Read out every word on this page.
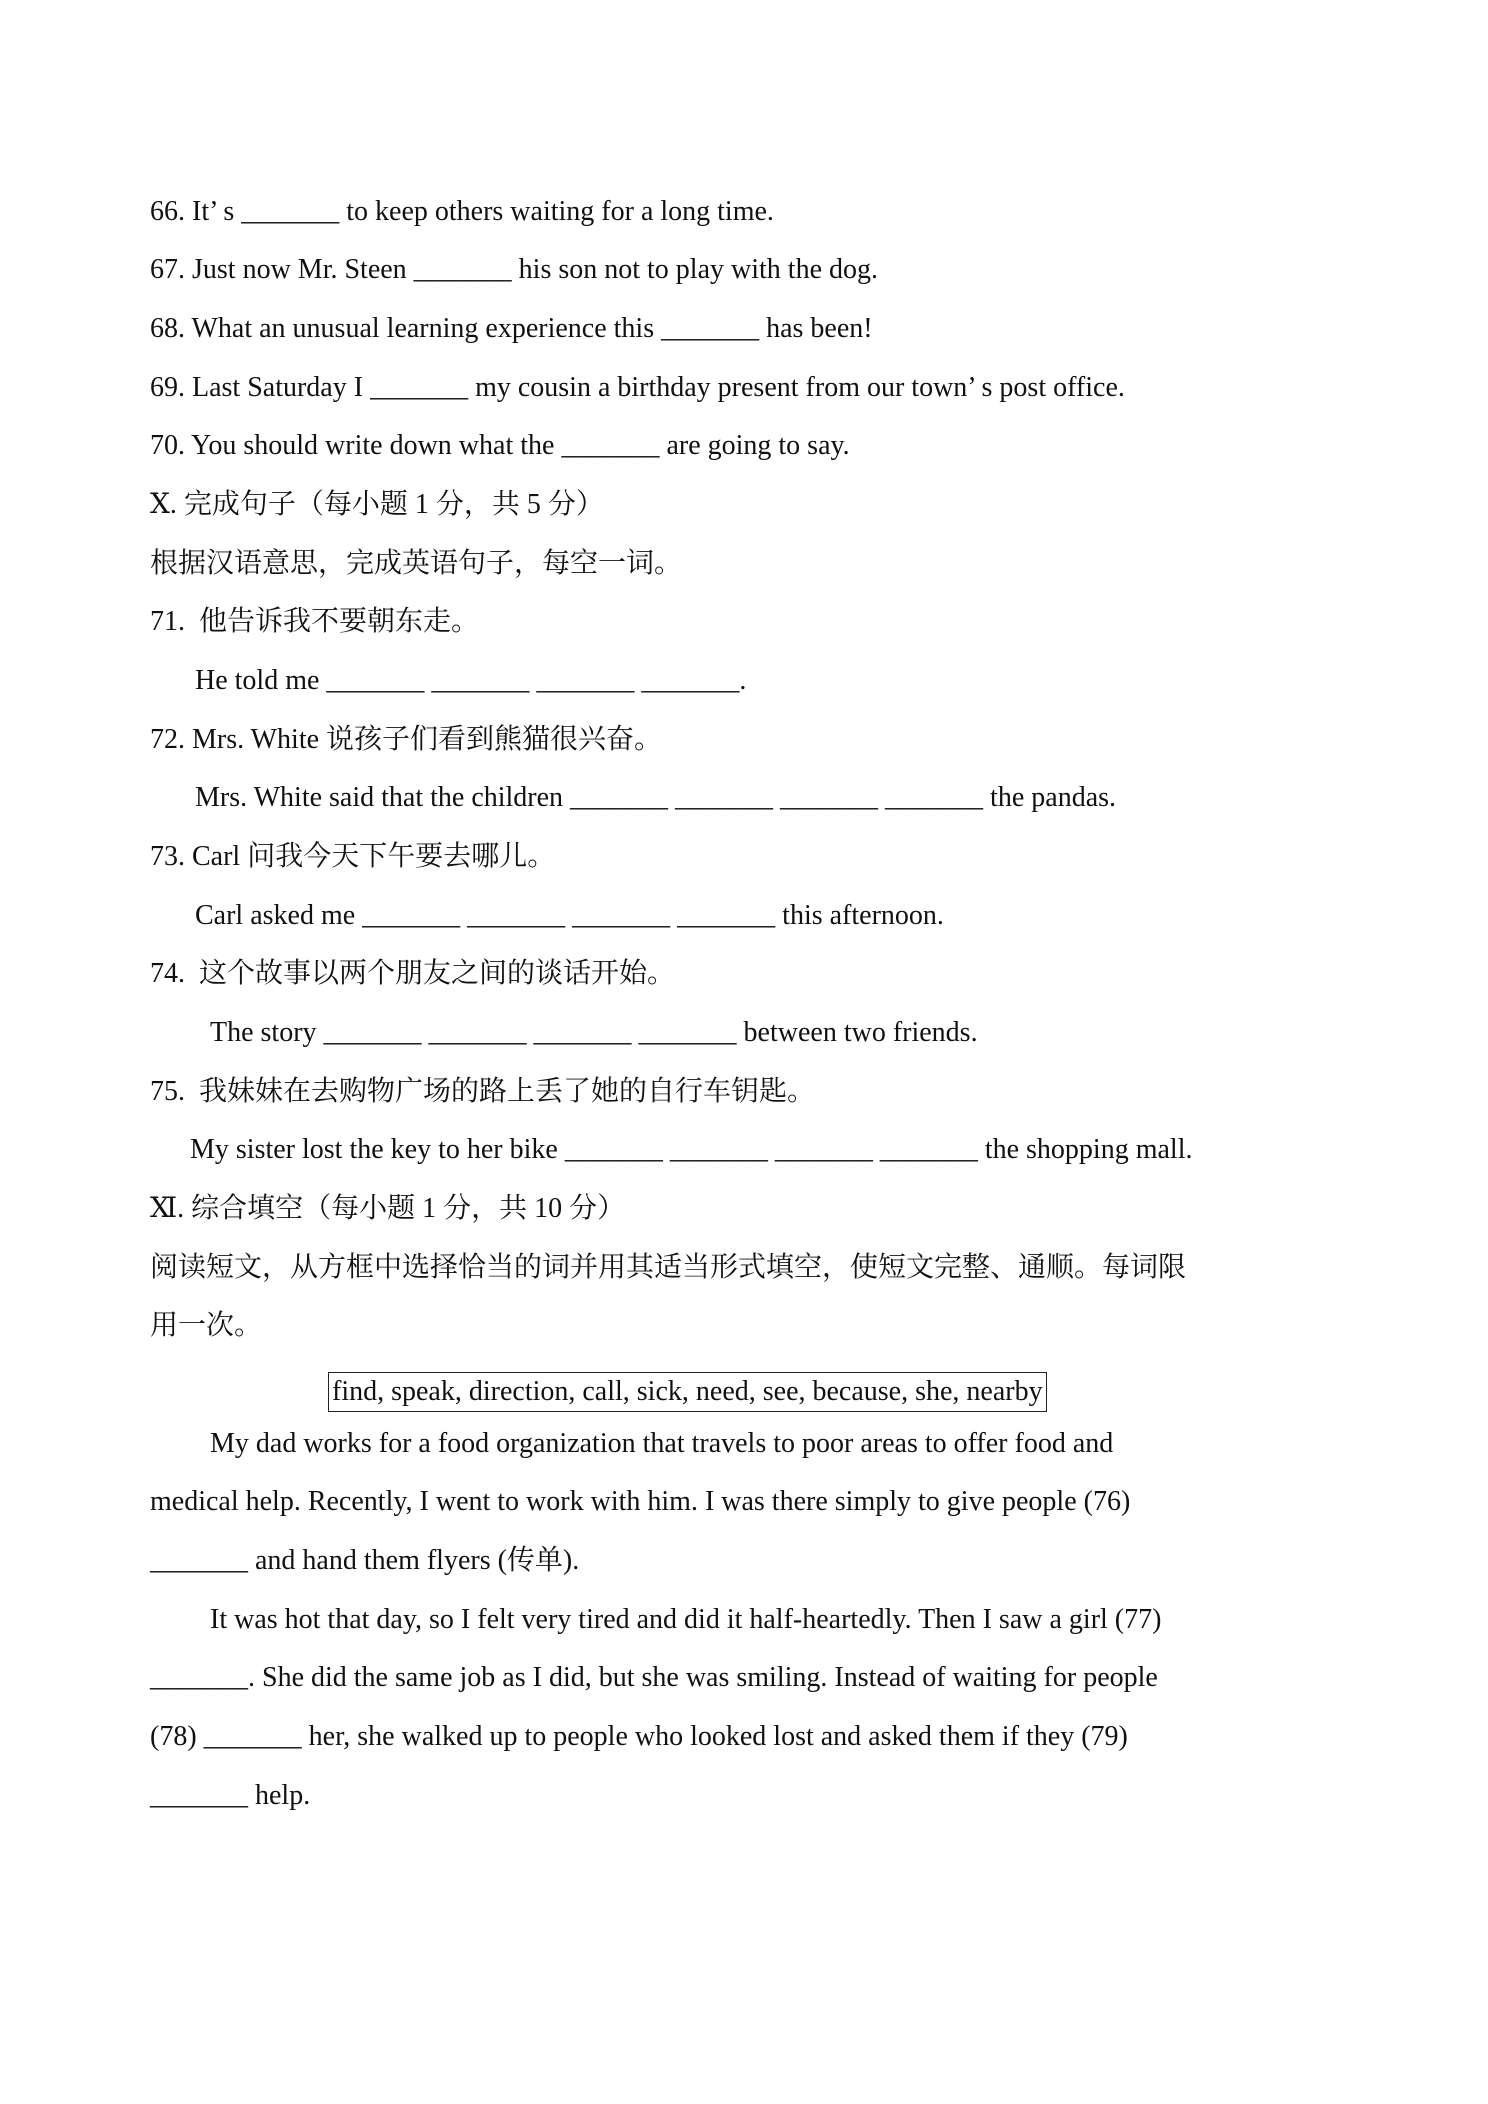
66. It’ s _______ to keep others waiting for a long time.
67. Just now Mr. Steen _______ his son not to play with the dog.
68. What an unusual learning experience this _______ has been!
69. Last Saturday I _______ my cousin a birthday present from our town’ s post office.
70. You should write down what the _______ are going to say.
Ⅹ. 完成句子（每小题 1 分，共 5 分）
根据汉语意思，完成英语句子，每空一词。
71.  他告诉我不要朝东走。
He told me _______ _______ _______ _______.
72. Mrs. White 说孩子们看到熊猫很兴奋。
Mrs. White said that the children _______ _______ _______ _______ the pandas.
73. Carl 问我今天下午要去哪儿。
Carl asked me _______ _______ _______ _______ this afternoon.
74.  这个故事以两个朋友之间的谈话开始。
The story _______ _______ _______ _______ between two friends.
75.  我妹妹在去购物广场的路上丢了她的自行车钥匙。
My sister lost the key to her bike _______ _______ _______ _______ the shopping mall.
Ⅺ. 综合填空（每小题 1 分，共 10 分）
阅读短文，从方框中选择恰当的词并用其适当形式填空，使短文完整、通顺。每词限
用一次。
find, speak, direction, call, sick, need, see, because, she, nearby
My dad works for a food organization that travels to poor areas to offer food and
medical help. Recently, I went to work with him. I was there simply to give people (76)
_______ and hand them flyers (传单).
It was hot that day, so I felt very tired and did it half-heartedly. Then I saw a girl (77)
_______. She did the same job as I did, but she was smiling. Instead of waiting for people
(78) _______ her, she walked up to people who looked lost and asked them if they (79)
_______ help.
